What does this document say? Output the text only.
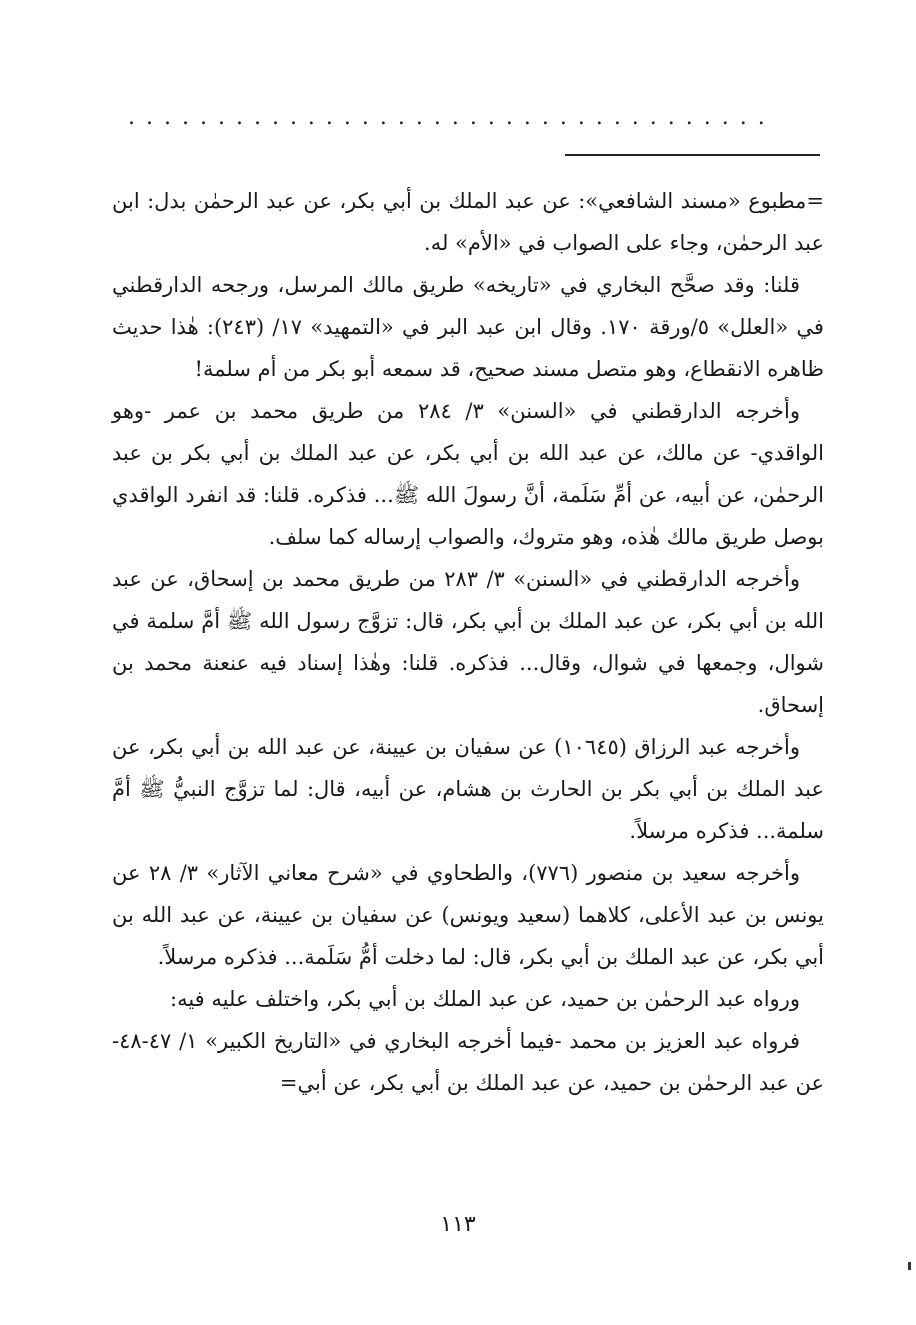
....................................

=مطبوع «مسند الشافعي»: عن عبد الملك بن أبي بكر، عن عبد الرحمٰن بدل: ابن عبد الرحمٰن، وجاء على الصواب في «الأم» له.

قلنا: وقد صحَّح البخاري في «تاريخه» طريق مالك المرسل، ورجحه الدارقطني في «العلل» ٥/ورقة ١٧٠. وقال ابن عبد البر في «التمهيد» ١٧/ (٢٤٣): هٰذا حديث ظاهره الانقطاع، وهو متصل مسند صحيح، قد سمعه أبو بكر من أم سلمة!

وأخرجه الدارقطني في «السنن» ٣/ ٢٨٤ من طريق محمد بن عمر -وهو الواقدي- عن مالك، عن عبد الله بن أبي بكر، عن عبد الملك بن أبي بكر بن عبد الرحمٰن، عن أبيه، عن أمِّ سَلَمة، أنَّ رسولَ الله ﷺ... فذكره. قلنا: قد انفرد الواقدي بوصل طريق مالك هٰذه، وهو متروك، والصواب إرساله كما سلف.

وأخرجه الدارقطني في «السنن» ٣/ ٢٨٣ من طريق محمد بن إسحاق، عن عبد الله بن أبي بكر، عن عبد الملك بن أبي بكر، قال: تزوَّج رسول الله ﷺ أمَّ سلمة في شوال، وجمعها في شوال، وقال... فذكره. قلنا: وهٰذا إسناد فيه عنعنة محمد بن إسحاق.

وأخرجه عبد الرزاق (١٠٦٤٥) عن سفيان بن عيينة، عن عبد الله بن أبي بكر، عن عبد الملك بن أبي بكر بن الحارث بن هشام، عن أبيه، قال: لما تزوَّج النبيُّ ﷺ أمَّ سلمة... فذكره مرسلاً.

وأخرجه سعيد بن منصور (٧٧٦)، والطحاوي في «شرح معاني الآثار» ٣/ ٢٨ عن يونس بن عبد الأعلى، كلاهما (سعيد ويونس) عن سفيان بن عيينة، عن عبد الله بن أبي بكر، عن عبد الملك بن أبي بكر، قال: لما دخلت أمُّ سَلَمة... فذكره مرسلاً.

ورواه عبد الرحمٰن بن حميد، عن عبد الملك بن أبي بكر، واختلف عليه فيه:

فرواه عبد العزيز بن محمد -فيما أخرجه البخاري في «التاريخ الكبير» ١/ ٤٧-٤٨- عن عبد الرحمٰن بن حميد، عن عبد الملك بن أبي بكر، عن أبي=

١١٣
